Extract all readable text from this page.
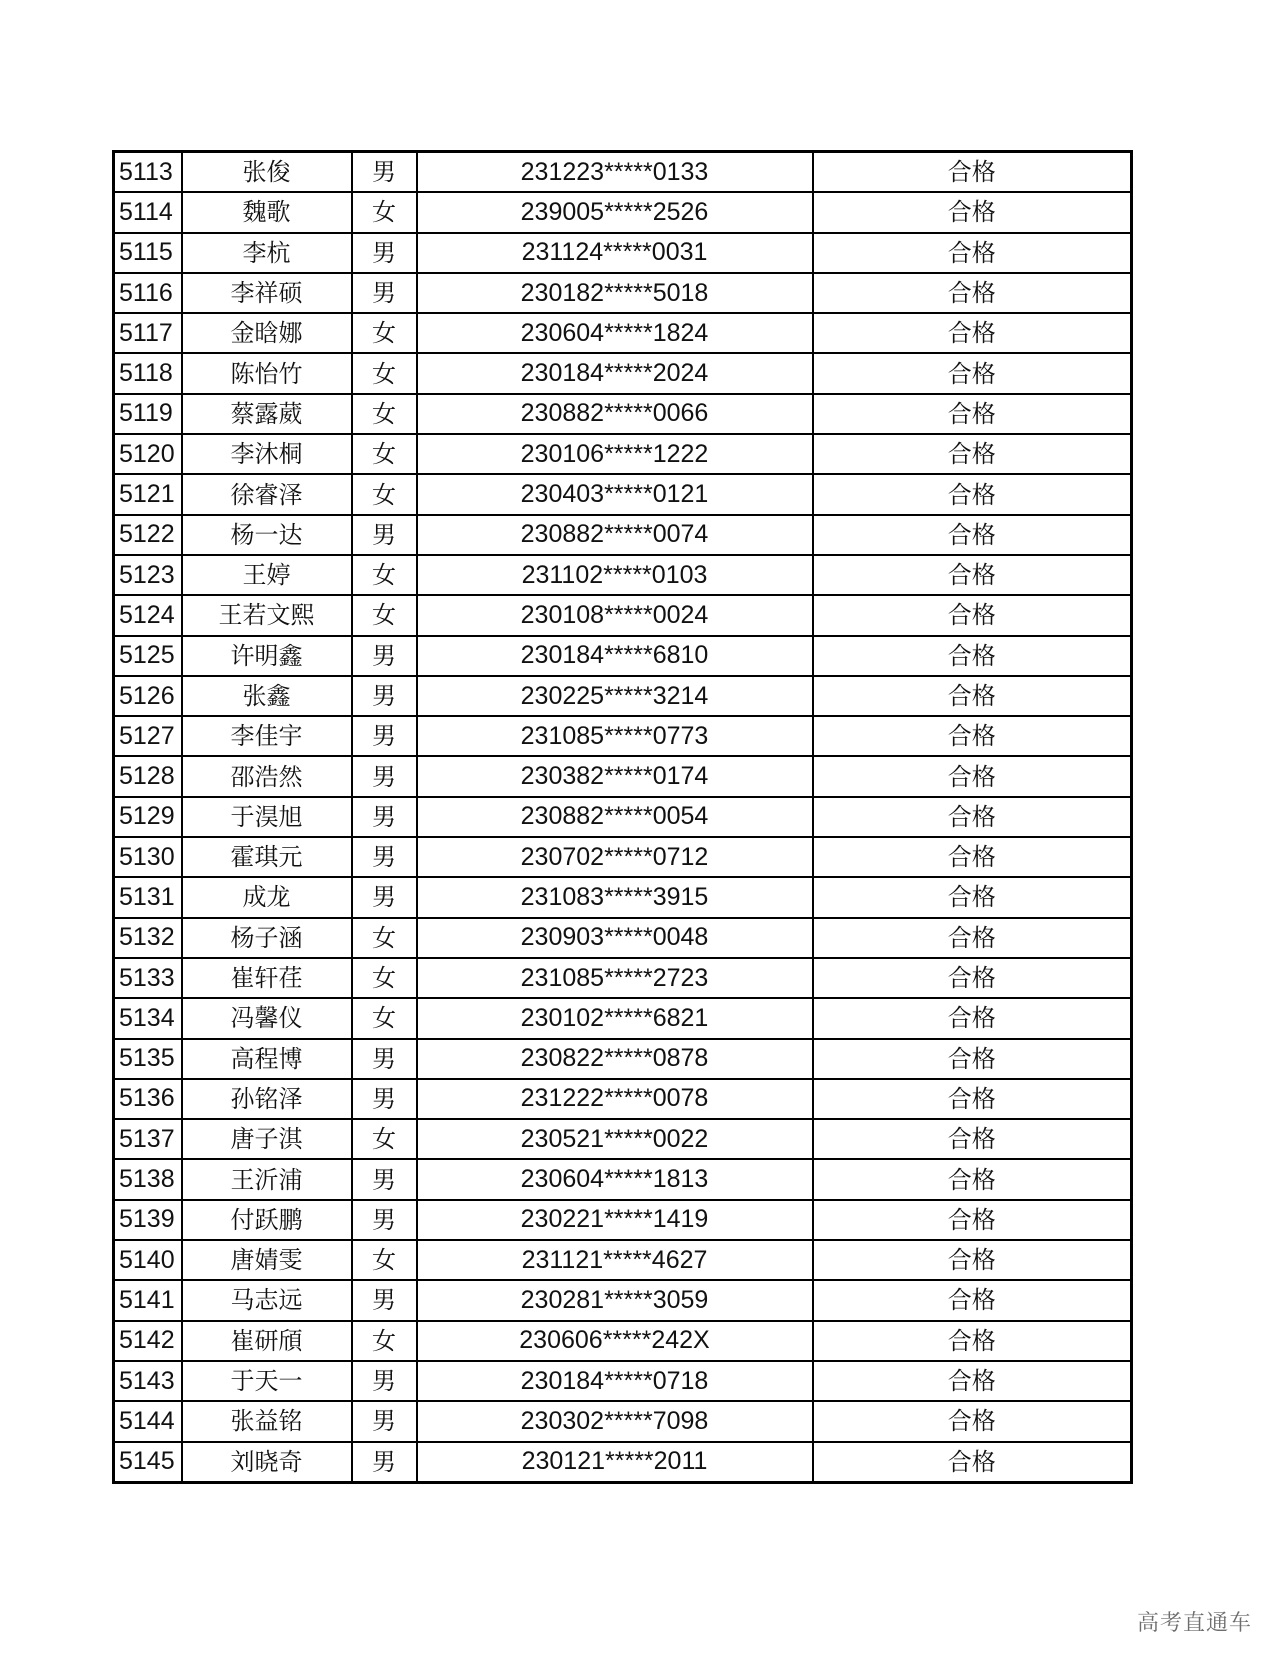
5113	张俊	男	231223*****0133	合格
5114	魏歌	女	239005*****2526	合格
5115	李杭	男	231124*****0031	合格
5116	李祥硕	男	230182*****5018	合格
5117	金晗娜	女	230604*****1824	合格
5118	陈怡竹	女	230184*****2024	合格
5119	蔡露葳	女	230882*****0066	合格
5120	李沐桐	女	230106*****1222	合格
5121	徐睿泽	女	230403*****0121	合格
5122	杨一达	男	230882*****0074	合格
5123	王婷	女	231102*****0103	合格
5124	王若文熙	女	230108*****0024	合格
5125	许明鑫	男	230184*****6810	合格
5126	张鑫	男	230225*****3214	合格
5127	李佳宇	男	231085*****0773	合格
5128	邵浩然	男	230382*****0174	合格
5129	于淏旭	男	230882*****0054	合格
5130	霍琪元	男	230702*****0712	合格
5131	成龙	男	231083*****3915	合格
5132	杨子涵	女	230903*****0048	合格
5133	崔轩荏	女	231085*****2723	合格
5134	冯馨仪	女	230102*****6821	合格
5135	高程博	男	230822*****0878	合格
5136	孙铭泽	男	231222*****0078	合格
5137	唐子淇	女	230521*****0022	合格
5138	王沂浦	男	230604*****1813	合格
5139	付跃鹏	男	230221*****1419	合格
5140	唐婧雯	女	231121*****4627	合格
5141	马志远	男	230281*****3059	合格
5142	崔研頎	女	230606*****242X	合格
5143	于天一	男	230184*****0718	合格
5144	张益铭	男	230302*****7098	合格
5145	刘晓奇	男	230121*****2011	合格
高考直通车
